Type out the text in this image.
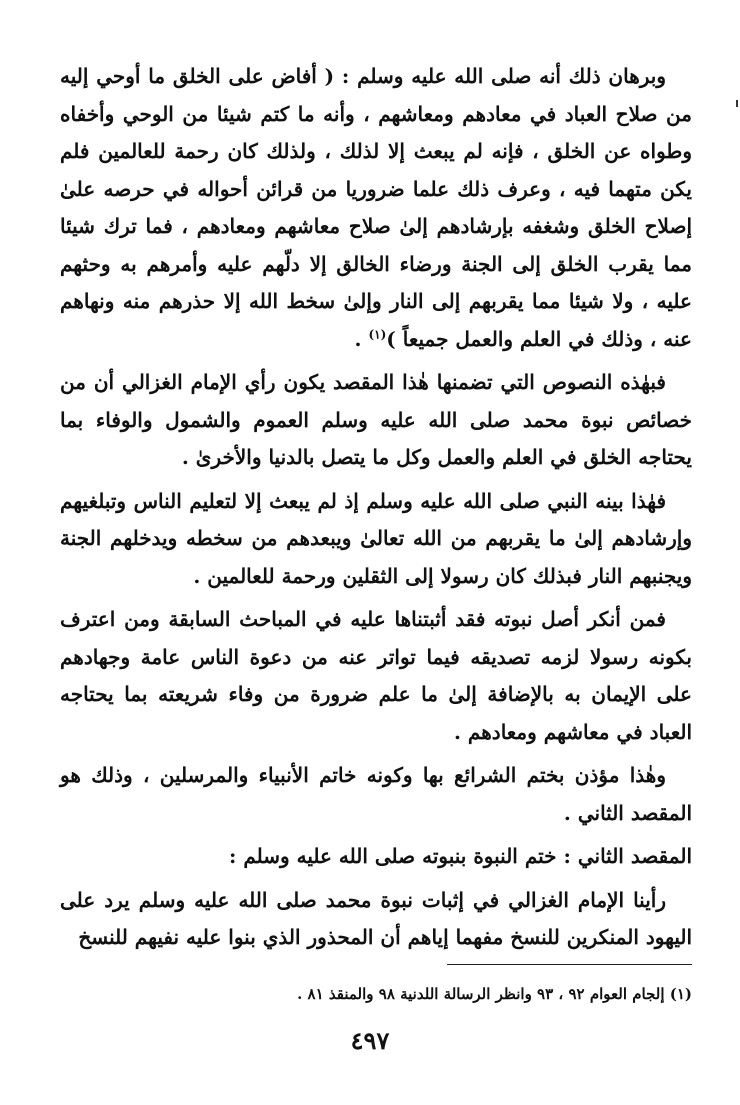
وبرهان ذلك أنه صلى الله عليه وسلم : ( أفاض على الخلق ما أوحي إليه من صلاح العباد في معادهم ومعاشهم ، وأنه ما كتم شيئا من الوحي وأخفاه وطواه عن الخلق ، فإنه لم يبعث إلا لذلك ، ولذلك كان رحمة للعالمين فلم يكن متهما فيه ، وعرف ذلك علما ضروريا من قرائن أحواله في حرصه علىٰ إصلاح الخلق وشغفه بإرشادهم إلىٰ صلاح معاشهم ومعادهم ، فما ترك شيئا مما يقرب الخلق إلى الجنة ورضاء الخالق إلا دلّهم عليه وأمرهم به وحثهم عليه ، ولا شيئا مما يقربهم إلى النار وإلىٰ سخط الله إلا حذرهم منه ونهاهم عنه ، وذلك في العلم والعمل جميعاً )$^{(١)}$ .

فبهٰذه النصوص التي تضمنها هٰذا المقصد يكون رأي الإمام الغزالي أن من خصائص نبوة محمد صلى الله عليه وسلم العموم والشمول والوفاء بما يحتاجه الخلق في العلم والعمل وكل ما يتصل بالدنيا والأخرىٰ .

فهٰذا بينه النبي صلى الله عليه وسلم إذ لم يبعث إلا لتعليم الناس وتبلغيهم وإرشادهم إلىٰ ما يقربهم من الله تعالىٰ ويبعدهم من سخطه ويدخلهم الجنة ويجنبهم النار فبذلك كان رسولا إلى الثقلين ورحمة للعالمين .

فمن أنكر أصل نبوته فقد أثبتناها عليه في المباحث السابقة ومن اعترف بكونه رسولا لزمه تصديقه فيما تواتر عنه من دعوة الناس عامة وجهادهم على الإيمان به بالإضافة إلىٰ ما علم ضرورة من وفاء شريعته بما يحتاجه العباد في معاشهم ومعادهم .

وهٰذا مؤذن بختم الشرائع بها وكونه خاتم الأنبياء والمرسلين ، وذلك هو المقصد الثاني .

المقصد الثاني : ختم النبوة بنبوته صلى الله عليه وسلم :

رأينا الإمام الغزالي في إثبات نبوة محمد صلى الله عليه وسلم يرد على اليهود المنكرين للنسخ مفهما إياهم أن المحذور الذي بنوا عليه نفيهم للنسخ

(١) إلجام العوام ٩٢ ، ٩٣ وانظر الرسالة اللدنية ٩٨ والمنقذ ٨١ .
٤٩٧
